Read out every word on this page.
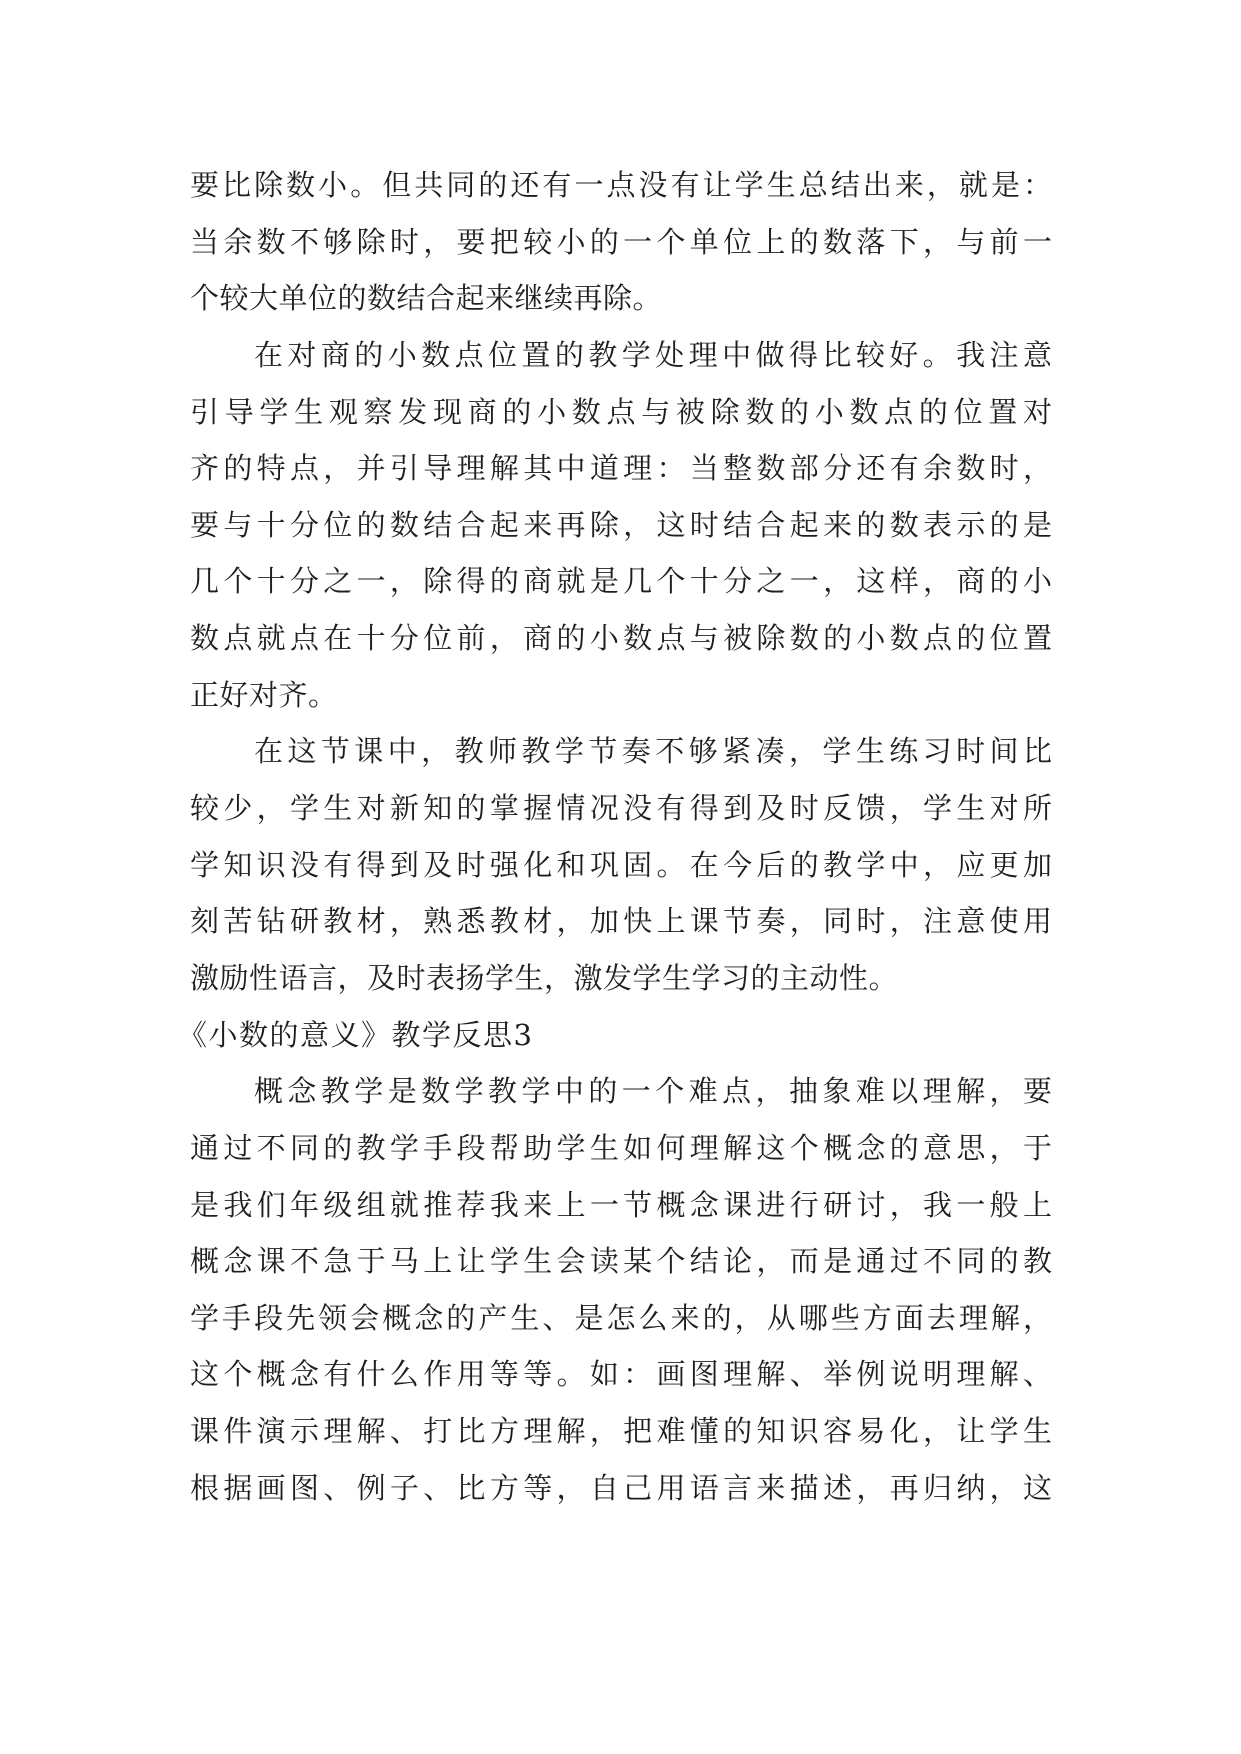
要比除数小。但共同的还有一点没有让学生总结出来，就是：
当余数不够除时，要把较小的一个单位上的数落下，与前一
个较大单位的数结合起来继续再除。
在对商的小数点位置的教学处理中做得比较好。我注意
引导学生观察发现商的小数点与被除数的小数点的位置对
齐的特点，并引导理解其中道理：当整数部分还有余数时，
要与十分位的数结合起来再除，这时结合起来的数表示的是
几个十分之一，除得的商就是几个十分之一，这样，商的小
数点就点在十分位前，商的小数点与被除数的小数点的位置
正好对齐。
在这节课中，教师教学节奏不够紧凑，学生练习时间比
较少，学生对新知的掌握情况没有得到及时反馈，学生对所
学知识没有得到及时强化和巩固。在今后的教学中，应更加
刻苦钻研教材，熟悉教材，加快上课节奏，同时，注意使用
激励性语言，及时表扬学生，激发学生学习的主动性。
《小数的意义》教学反思3
概念教学是数学教学中的一个难点，抽象难以理解，要
通过不同的教学手段帮助学生如何理解这个概念的意思，于
是我们年级组就推荐我来上一节概念课进行研讨，我一般上
概念课不急于马上让学生会读某个结论，而是通过不同的教
学手段先领会概念的产生、是怎么来的，从哪些方面去理解，
这个概念有什么作用等等。如：画图理解、举例说明理解、
课件演示理解、打比方理解，把难懂的知识容易化，让学生
根据画图、例子、比方等，自己用语言来描述，再归纳，这
